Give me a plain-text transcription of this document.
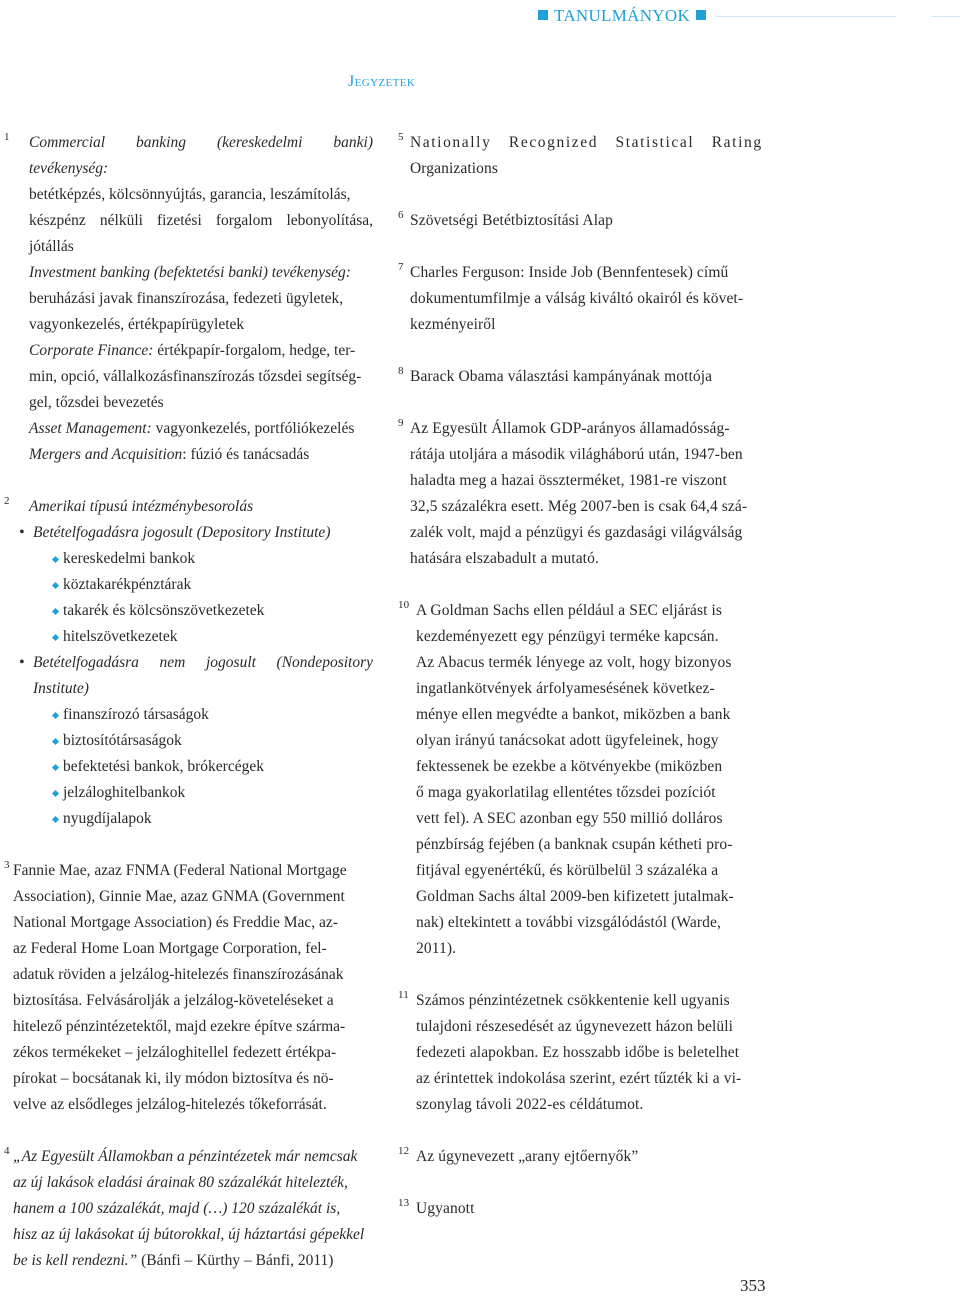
TANULMÁNYOK
Jegyzetek
1 Commercial banking (kereskedelmi banki) tevékenység:
betétképzés, kölcsönnyújtás, garancia, leszámítolás,
készpénz nélküli fizetési forgalom lebonyolítása, jótállás
Investment banking (befektetési banki) tevékenység:
beruházási javak finanszírozása, fedezeti ügyletek,
vagyonkezelés, értékpapírügyletek
Corporate Finance: értékpapír-forgalom, hedge, ter-
min, opció, vállalkozásfinanszírozás tőzsdei segítség-
gel, tőzsdei bevezetés
Asset Management: vagyonkezelés, portfóliókezelés
Mergers and Acquisition: fúzió és tanácsadás
2 Amerikai típusú intézménybesorolás
• Betételfogadásra jogosult (Depository Institute)
kereskedelmi bankok
köztakarékpénztárak
takarék és kölcsönszövetkezetek
hitelszövetkezetek
• Betételfogadásra nem jogosult (Nondepository
Institute)
finanszírozó társaságok
biztosítótársaságok
befektetési bankok, brókercégek
jelzáloghitelbankok
nyugdíjalapok
3 Fannie Mae, azaz FNMA (Federal National Mortgage
Association), Ginnie Mae, azaz GNMA (Government
National Mortgage Association) és Freddie Mac, az-
az Federal Home Loan Mortgage Corporation, fel-
adatuk röviden a jelzálog-hitelezés finanszírozásának
biztosítása. Felvásárolják a jelzálog-követeléseket a
hitelező pénzintézetektől, majd ezekre építve szárma-
zékos termékeket – jelzáloghitellel fedezett értékpa-
pírokat – bocsátanak ki, ily módon biztosítva és nö-
velve az elsődleges jelzálog-hitelezés tőkeforrását.
4 „Az Egyesült Államokban a pénzintézetek már nemcsak
az új lakások eladási árainak 80 százalékát hitelezték,
hanem a 100 százalékát, majd (…) 120 százalékát is,
hisz az új lakásokat új bútorokkal, új háztartási gépekkel
be is kell rendezni.” (Bánfi – Kürthy – Bánfi, 2011)
5 Nationally Recognized Statistical Rating
Organizations
6 Szövetségi Betétbiztosítási Alap
7 Charles Ferguson: Inside Job (Bennfentesek) című
dokumentumfilmje a válság kiváltó okairól és követ-
kezményeiről
8 Barack Obama választási kampányának mottója
9 Az Egyesült Államok GDP-arányos államadósság-
rátája utoljára a második világháború után, 1947-ben
haladta meg a hazai összterméket, 1981-re viszont
32,5 százalékra esett. Még 2007-ben is csak 64,4 szá-
zalék volt, majd a pénzügyi és gazdasági világválság
hatására elszabadult a mutató.
10 A Goldman Sachs ellen például a SEC eljárást is
kezdeményezett egy pénzügyi terméke kapcsán.
Az Abacus termék lényege az volt, hogy bizonyos
ingatlankötvények árfolyamesésének következ-
ménye ellen megvédte a bankot, miközben a bank
olyan irányú tanácsokat adott ügyfeleinek, hogy
fektessenek be ezekbe a kötvényekbe (miközben
ő maga gyakorlatilag ellentétes tőzsdei pozíciót
vett fel). A SEC azonban egy 550 millió dolláros
pénzbírság fejében (a banknak csupán kétheti pro-
fitjával egyenértékű, és körülbelül 3 százaléka a
Goldman Sachs által 2009-ben kifizetett jutalmak-
nak) eltekintett a további vizsgálódástól (Warde,
2011).
11 Számos pénzintézetnek csökkentenie kell ugyanis
tulajdoni részesedését az úgynevezett házon belüli
fedezeti alapokban. Ez hosszabb időbe is beletelhet
az érintettek indokolása szerint, ezért tűzték ki a vi-
szonylag távoli 2022-es céldátumot.
12 Az úgynevezett „arany ejtőernyők”
13 Ugyanott
353
